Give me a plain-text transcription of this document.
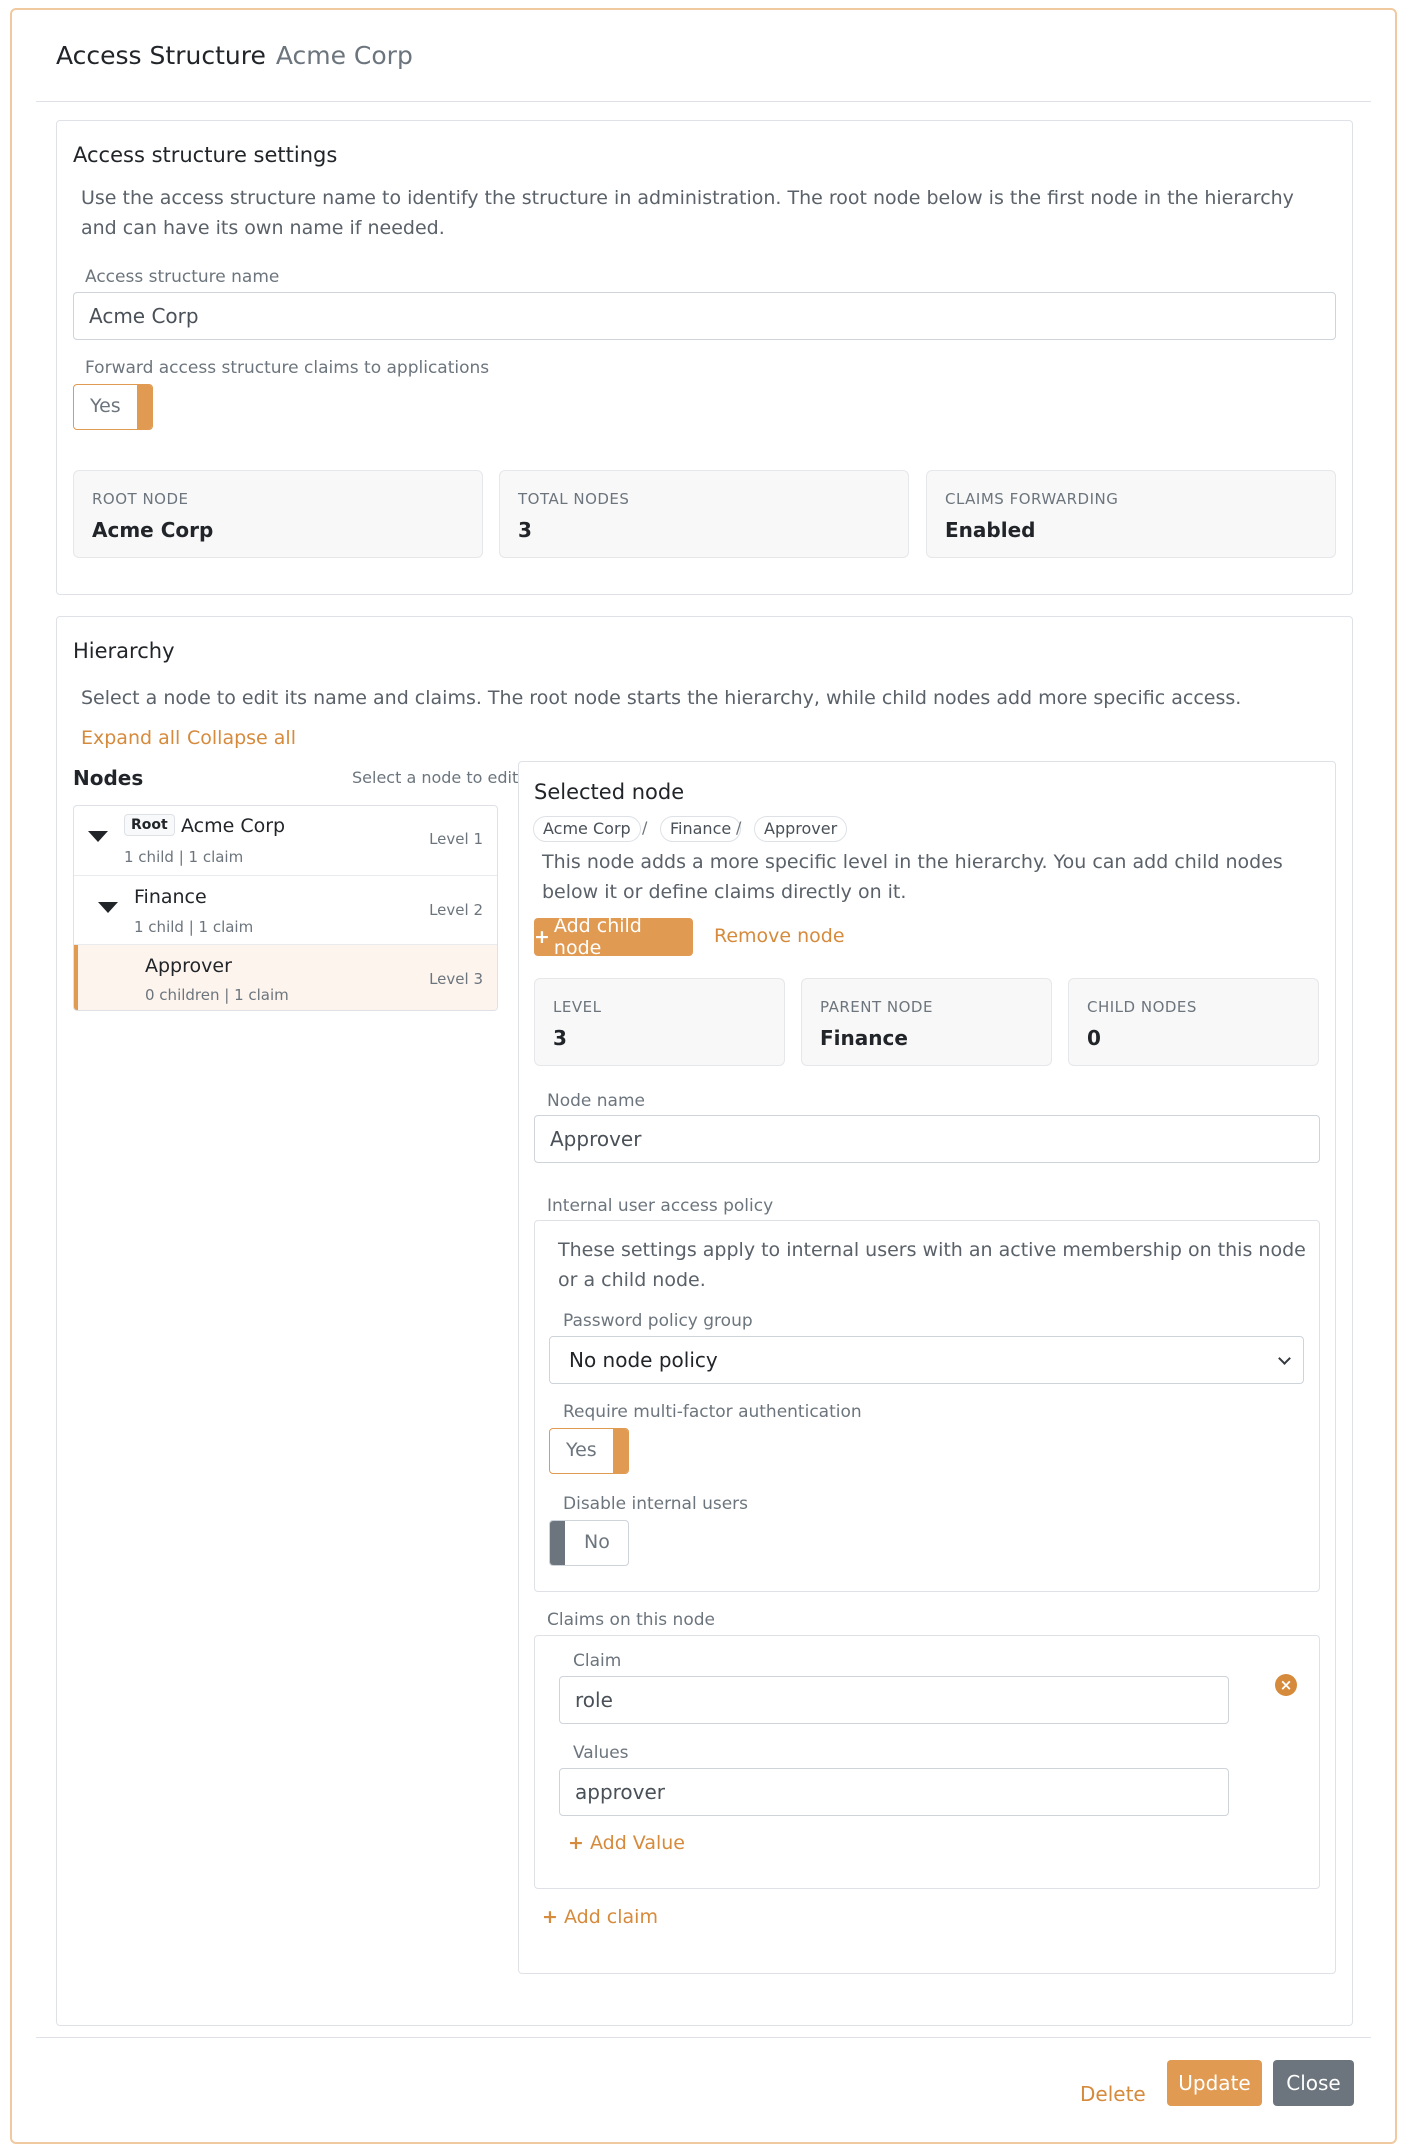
Access Structure Acme Corp
Access structure settings
Use the access structure name to identify the structure in administration. The root node below is the first node in the hierarchy and can have its own name if needed.
Access structure name
Acme Corp
Forward access structure claims to applications
Yes
ROOT NODE
Acme Corp
TOTAL NODES
3
CLAIMS FORWARDING
Enabled
Hierarchy
Select a node to edit its name and claims. The root node starts the hierarchy, while child nodes add more specific access.
Expand all Collapse all
Nodes	Select a node to edit
Root Acme Corp
1 child | 1 claim
Level 1
Finance
1 child | 1 claim
Level 2
Approver
0 children | 1 claim
Level 3
Selected node
Acme Corp /	Finance /	Approver
This node adds a more specific level in the hierarchy. You can add child nodes below it or define claims directly on it.
+ Add child node
Remove node
LEVEL
3
PARENT NODE
Finance
CHILD NODES
0
Node name
Approver
Internal user access policy
These settings apply to internal users with an active membership on this node or a child node.
Password policy group
No node policy
Require multi-factor authentication
Yes
Disable internal users
No
Claims on this node
Claim
role
×
Values
approver
+ Add Value
+ Add claim
Delete	Update	Close
